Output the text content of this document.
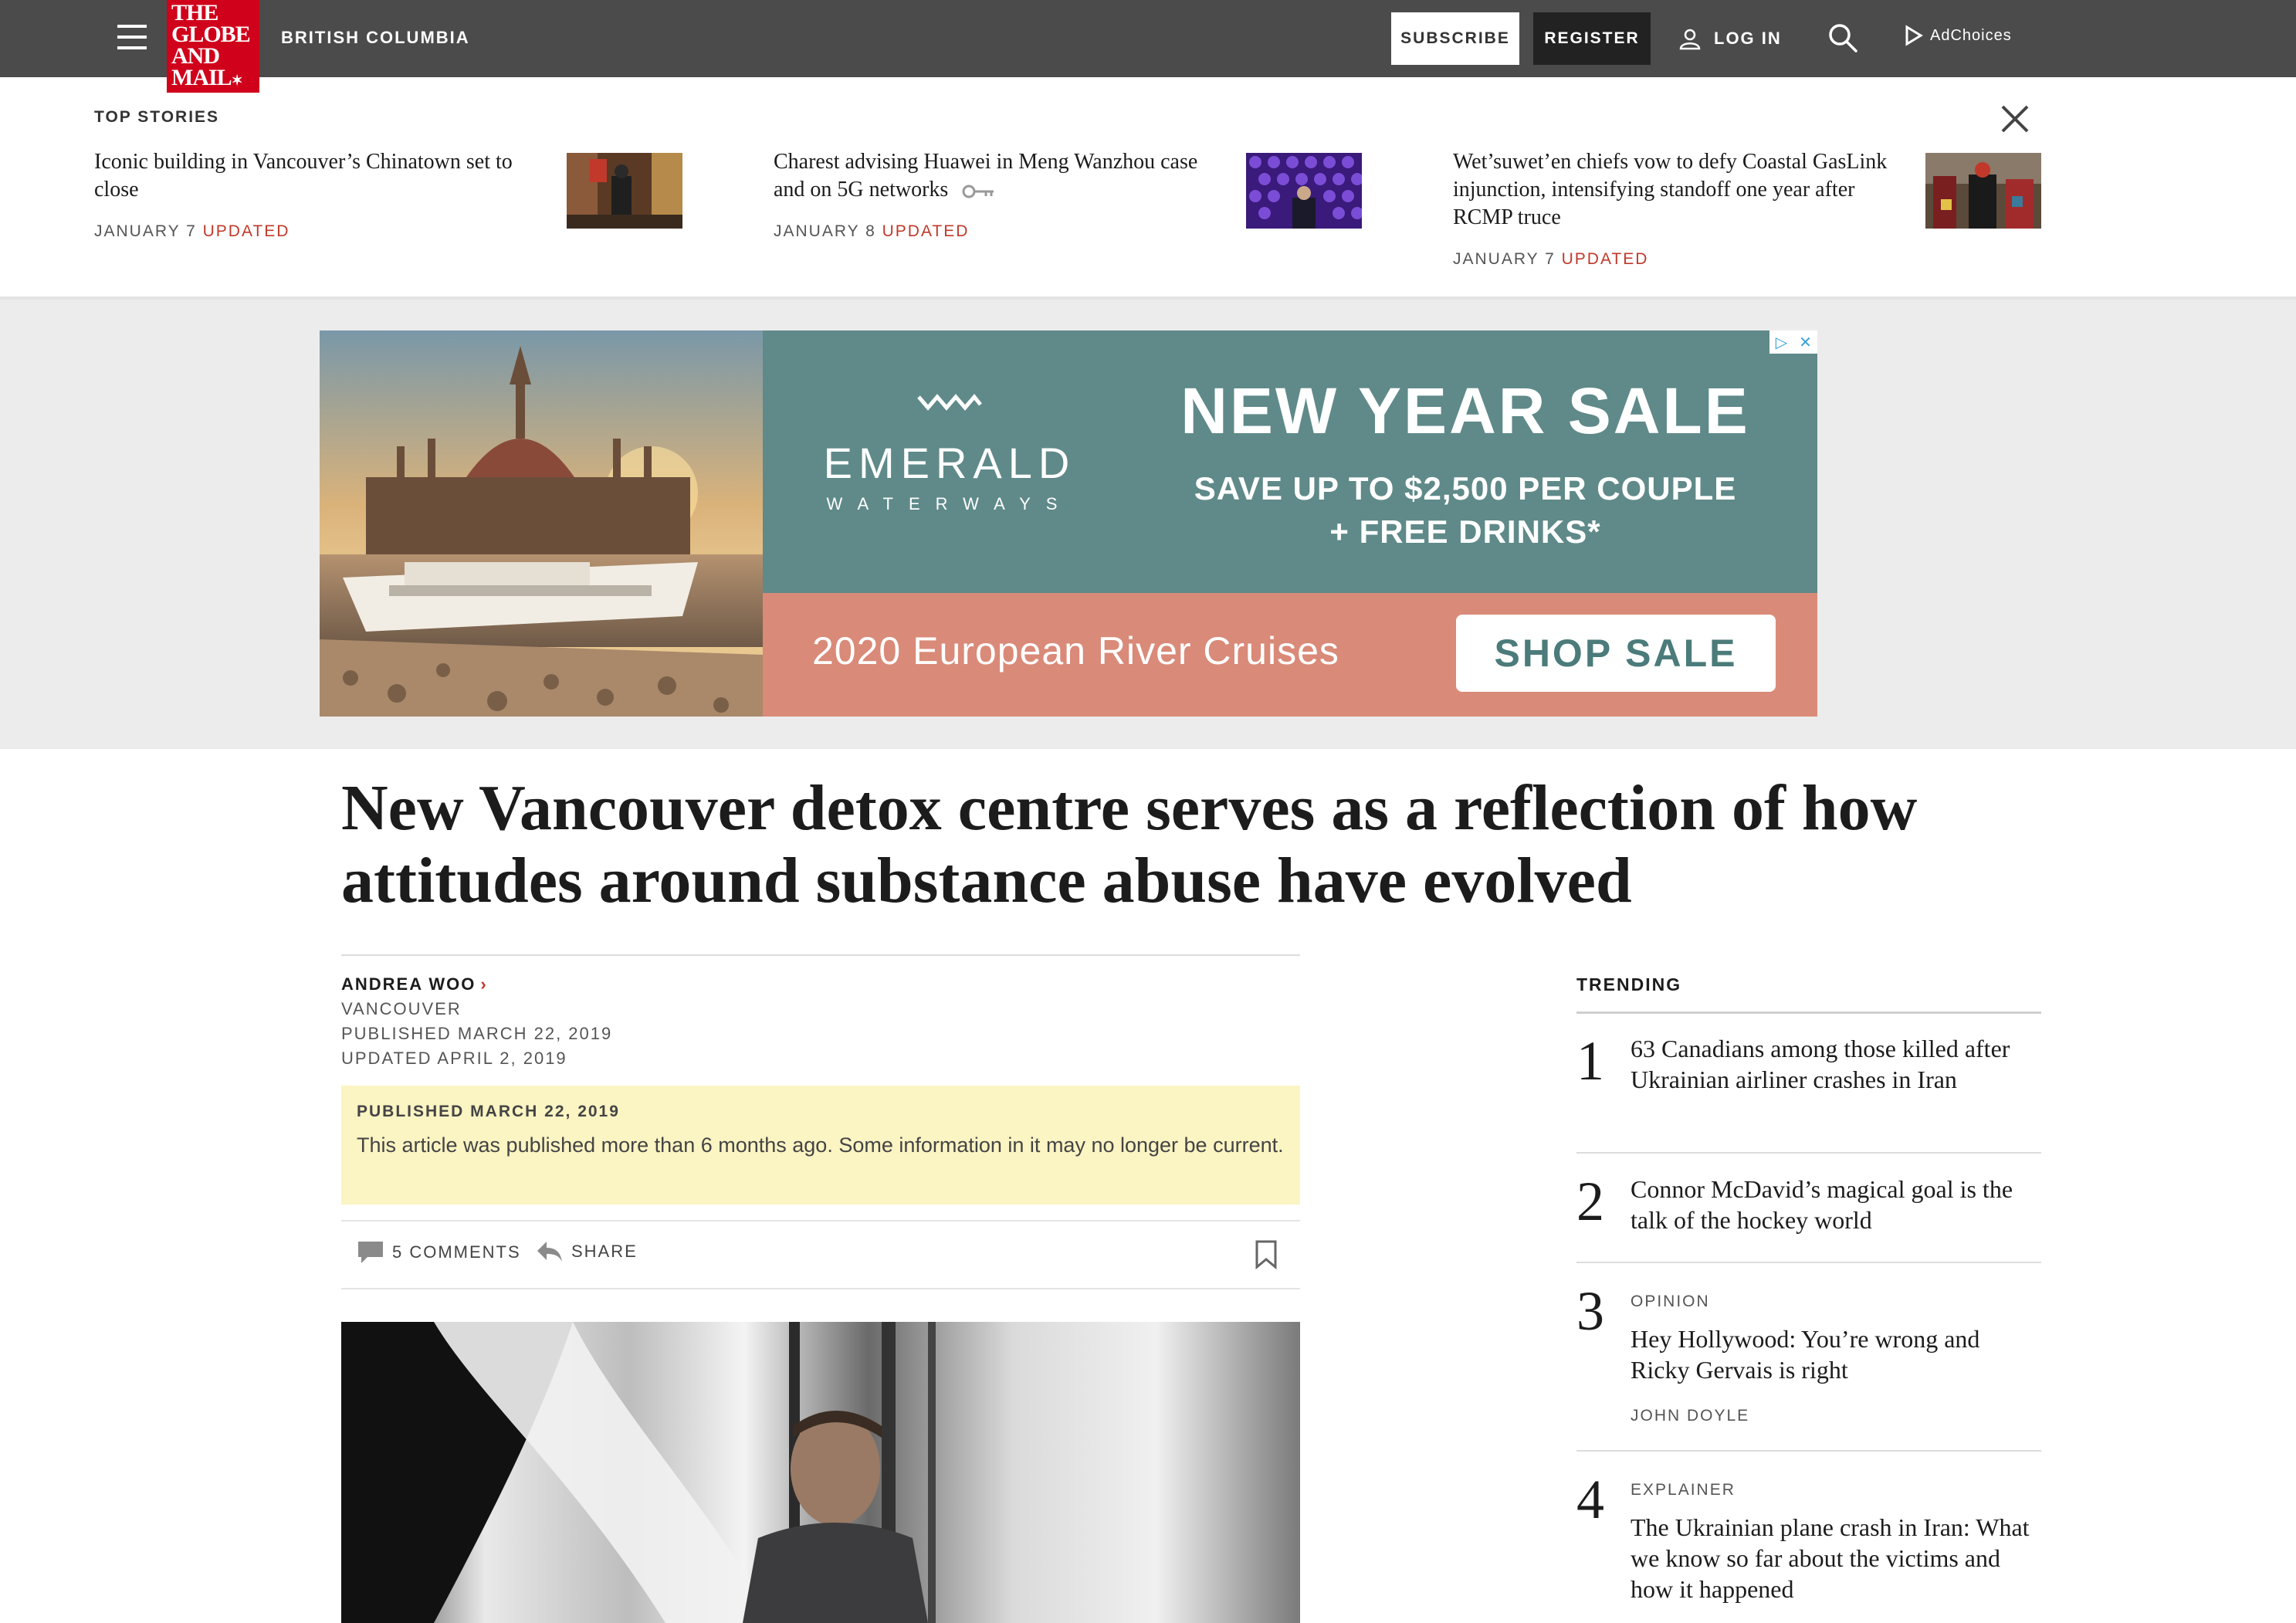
THE
GLOBE
AND
MAIL✶
BRITISH COLUMBIA	SUBSCRIBE	REGISTER	LOG IN	AdChoices
TOP STORIES
Iconic building in Vancouver’s Chinatown set to close
JANUARY 7 UPDATED
Charest advising Huawei in Meng Wanzhou case and on 5G networks
JANUARY 8 UPDATED
Wet’suwet’en chiefs vow to defy Coastal GasLink injunction, intensifying standoff one year after RCMP truce
JANUARY 7 UPDATED
EMERALD
WATERWAYS
NEW YEAR SALE
SAVE UP TO $2,500 PER COUPLE
+ FREE DRINKS*
2020 European River Cruises	SHOP SALE
▷ ✕
New Vancouver detox centre serves as a reflection of how attitudes around substance abuse have evolved
ANDREA WOO ›
VANCOUVER
PUBLISHED MARCH 22, 2019
UPDATED APRIL 2, 2019
PUBLISHED MARCH 22, 2019
This article was published more than 6 months ago. Some information in it may no longer be current.
5 COMMENTS	SHARE
TRENDING
1 63 Canadians among those killed after Ukrainian airliner crashes in Iran
2 Connor McDavid’s magical goal is the talk of the hockey world
3 OPINION
Hey Hollywood: You’re wrong and Ricky Gervais is right
JOHN DOYLE
4 EXPLAINER
The Ukrainian plane crash in Iran: What we know so far about the victims and how it happened
